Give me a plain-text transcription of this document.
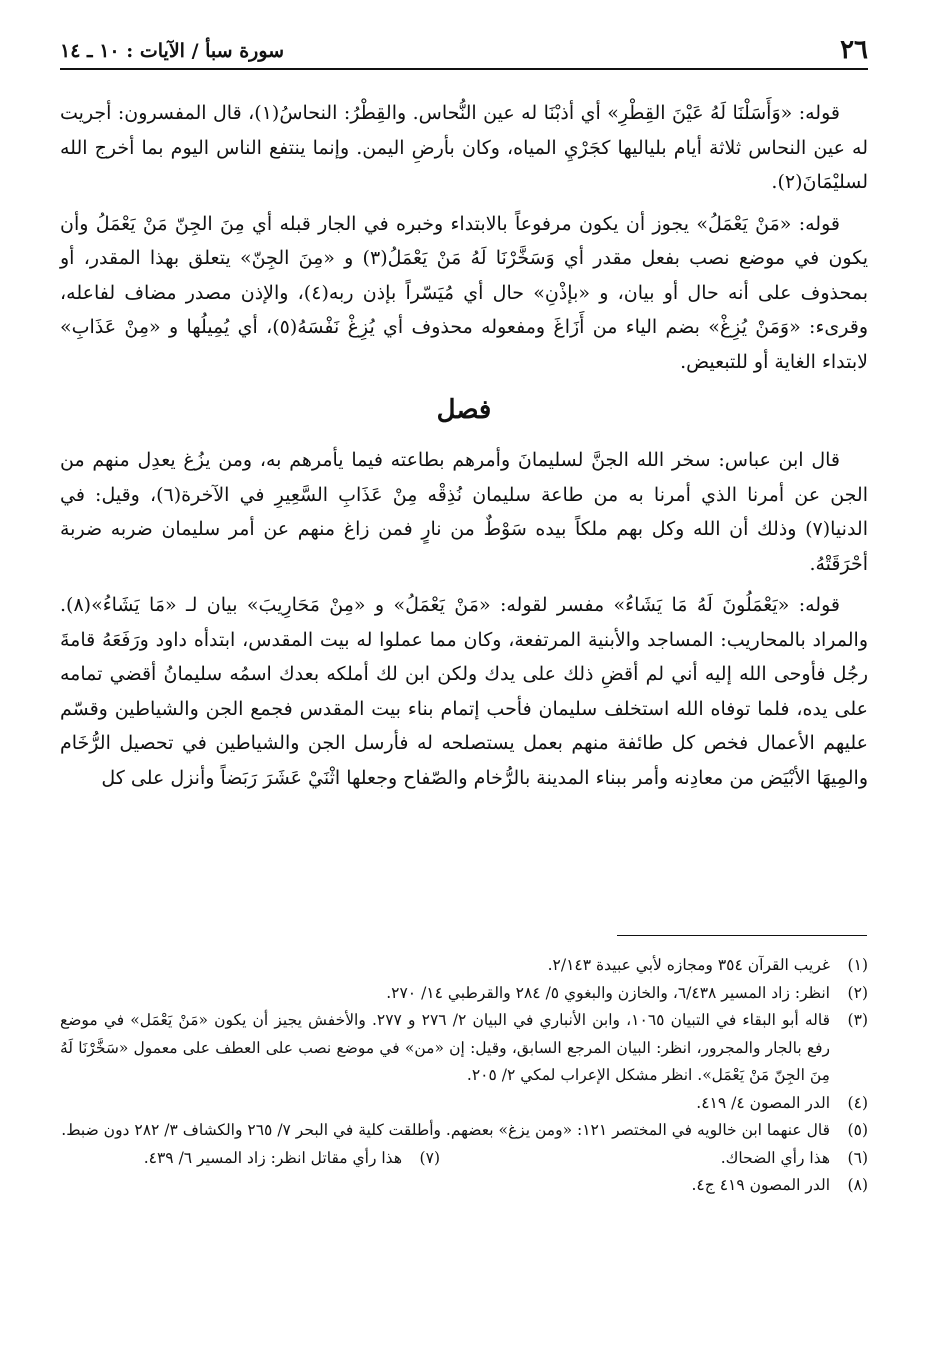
٢٦
سورة سبأ / الآيات : ١٠ ـ ١٤

قوله: «وَأَسَلْنَا لَهُ عَيْنَ القِطْرِ» أي أذبْنَا له عين النُّحاس. والقِطْرُ: النحاسُ(١)، قال المفسرون: أجريت له عين النحاس ثلاثة أيام بلياليها كجَرْيِ المياه، وكان بأرضِ اليمن. وإنما ينتفع الناس اليوم بما أخرج الله لسليْمَانَ(٢).

قوله: «مَنْ يَعْمَلُ» يجوز أن يكون مرفوعاً بالابتداء وخبره في الجار قبله أي مِنَ الجِنّ مَنْ يَعْمَلُ وأن يكون في موضع نصب بفعل مقدر أي وَسَخَّرْنَا لَهُ مَنْ يَعْمَلُ(٣) و «مِنَ الجِنّ» يتعلق بهذا المقدر، أو بمحذوف على أنه حال أو بيان، و «بإذْنِ» حال أي مُيَسّراً بإذن ربه(٤)، والإذن مصدر مضاف لفاعله، وقرىء: «وَمَنْ يُزِغْ» بضم الياء من أَزَاغَ ومفعوله محذوف أي يُزِغْ نَفْسَهُ(٥)، أي يُمِيلُها و «مِنْ عَذَابِ» لابتداء الغاية أو للتبعيض.

فصل

قال ابن عباس: سخر الله الجنَّ لسليمانَ وأمرهم بطاعته فيما يأمرهم به، ومن يزُغ يعدِل منهم من الجن عن أمرنا الذي أمرنا به من طاعة سليمان نُذِقْه مِنْ عَذَابِ السَّعِيرِ في الآخرة(٦)، وقيل: في الدنيا(٧) وذلك أن الله وكل بهم ملكاً بيده سَوْطٌ من نارٍ فمن زاغ منهم عن أمر سليمان ضربه ضربة أحْرَقَتْهُ.

قوله: «يَعْمَلُونَ لَهُ مَا يَشَاءُ» مفسر لقوله: «مَنْ يَعْمَلُ» و «مِنْ مَحَارِيبَ» بيان لـ «مَا يَشَاءُ»(٨). والمراد بالمحاريب: المساجد والأبنية المرتفعة، وكان مما عملوا له بيت المقدس، ابتدأه داود ورَفَعَهُ قامةَ رجُل فأوحى الله إليه أني لم أقضِ ذلك على يدك ولكن ابن لك أملكه بعدك اسمُه سليمانُ أقضي تمامه على يده، فلما توفاه الله استخلف سليمان فأحب إتمام بناء بيت المقدس فجمع الجن والشياطين وقسّم عليهم الأعمال فخص كل طائفة منهم بعمل يستصلحه له فأرسل الجن والشياطين في تحصيل الرُّخَام والمِيهَا الأبْيَض من معادِنه وأمر ببناء المدينة بالرُّخام والصّفاح وجعلها اثْنَيْ عَشَرَ رَبَضاً وأنزل على كل

(١)
غريب القرآن ٣٥٤ ومجازه لأبي عبيدة ٢/١٤٣.
(٢)
انظر: زاد المسير ٦/٤٣٨، والخازن والبغوي ٥/ ٢٨٤ والقرطبي ١٤/ ٢٧٠.
(٣)
قاله أبو البقاء في التبيان ١٠٦٥، وابن الأنباري في البيان ٢/ ٢٧٦ و ٢٧٧. والأخفش يجيز أن يكون «مَنْ يَعْمَل» في موضع رفع بالجار والمجرور، انظر: البيان المرجع السابق، وقيل: إن «من» في موضع نصب على العطف على معمول «سَخَّرْنَا لَهُ مِنَ الجِنّ مَنْ يَعْمَل». انظر مشكل الإعراب لمكي ٢/ ٢٠٥.
(٤)
الدر المصون ٤/ ٤١٩.
(٥)
قال عنهما ابن خالويه في المختصر ١٢١: «ومن يزغ» بعضهم. وأطلقت كلية في البحر ٧/ ٢٦٥ والكشاف ٣/ ٢٨٢ دون ضبط.
(٦)
هذا رأي الضحاك.
(٧)
هذا رأي مقاتل انظر: زاد المسير ٦/ ٤٣٩.
(٨)
الدر المصون ٤١٩ ج٤.
